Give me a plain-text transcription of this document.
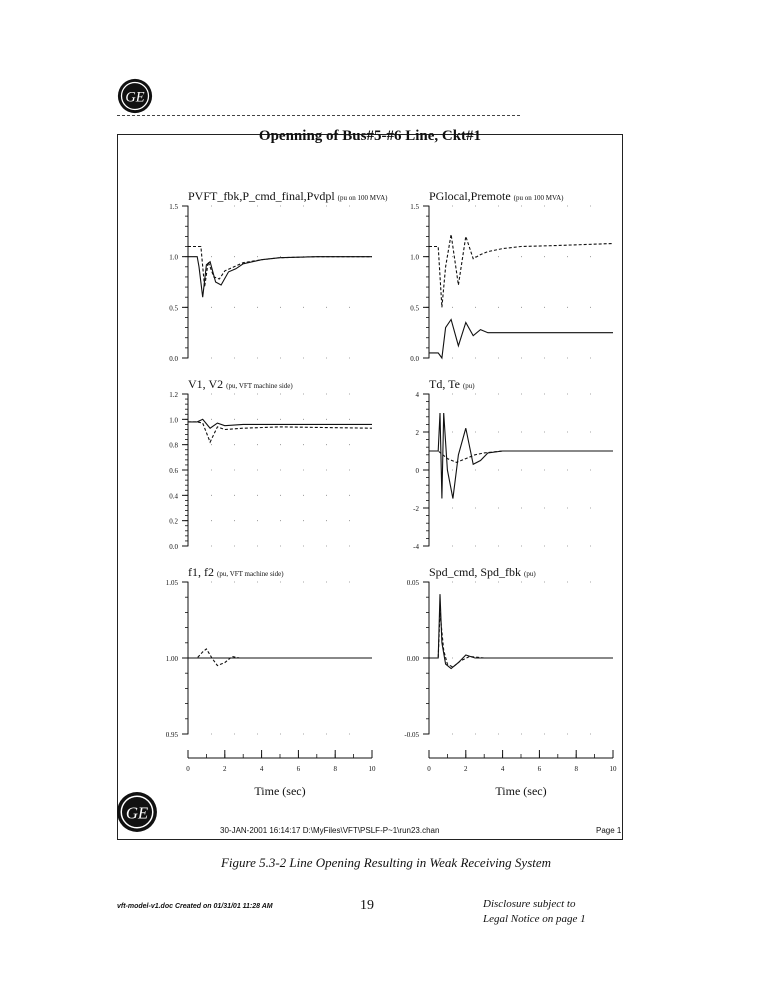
GE
Openning of Bus#5-#6 Line, Ckt#1
PVFT_fbk,P_cmd_final,Pvdpl (pu on 100 MVA)
0.0
0.5
1.0
1.5
PGlocal,Premote (pu on 100 MVA)
0.0
0.5
1.0
1.5
V1, V2 (pu, VFT machine side)
0.0
0.2
0.4
0.6
0.8
1.0
1.2
Td, Te (pu)
-4
-2
0
2
4
f1, f2 (pu, VFT machine side)
0.95
1.00
1.05
0	2	4	6	8	10
Time (sec)
Spd_cmd, Spd_fbk (pu)
-0.05
0.00
0.05
0	2	4	6	8	10
Time (sec)
GE
30-JAN-2001 16:14:17 D:\MyFiles\VFT\PSLF-P~1\run23.chan	Page 1
Figure 5.3-2 Line Opening Resulting in Weak Receiving System
vft-model-v1.doc Created on 01/31/01 11:28 AM	19	Disclosure subject to
Legal Notice on page 1
